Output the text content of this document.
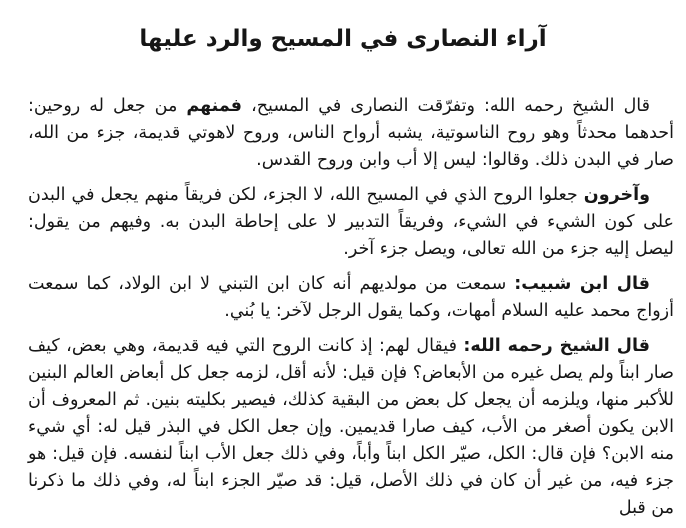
آراء النصارى في المسيح والرد عليها

قال الشيخ رحمه الله: وتفرّقت النصارى في المسيح، فمنهم من جعل له روحين: أحدهما محدثاً وهو روح الناسوتية، يشبه أرواح الناس، وروح لاهوتي قديمة، جزء من الله، صار في البدن ذلك. وقالوا: ليس إلا أب وابن وروح القدس.

وآخرون جعلوا الروح الذي في المسيح الله، لا الجزء، لكن فريقاً منهم يجعل في البدن على كون الشيء في الشيء، وفريقاً التدبير لا على إحاطة البدن به. وفيهم من يقول: ليصل إليه جزء من الله تعالى، ويصل جزء آخر.

قال ابن شبيب: سمعت من مولديهم أنه كان ابن التبني لا ابن الولاد، كما سمعت أزواج محمد عليه السلام أمهات، وكما يقول الرجل لآخر: يا بُني.

قال الشيخ رحمه الله: فيقال لهم: إذ كانت الروح التي فيه قديمة، وهي بعض، كيف صار ابناً ولم يصل غيره من الأبعاض؟ فإن قيل: لأنه أقل، لزمه جعل كل أبعاض العالم البنين للأكبر منها، ويلزمه أن يجعل كل بعض من البقية كذلك، فيصير بكليته بنين. ثم المعروف أن الابن يكون أصغر من الأب، كيف صارا قديمين. وإن جعل الكل في البذر قيل له: أي شيء منه الابن؟ فإن قال: الكل، صيّر الكل ابناً وأباً، وفي ذلك جعل الأب ابناً لنفسه. فإن قيل: هو جزء فيه، من غير أن كان في ذلك الأصل، قيل: قد صيّر الجزء ابناً له، وفي ذلك ما ذكرنا من قبل
